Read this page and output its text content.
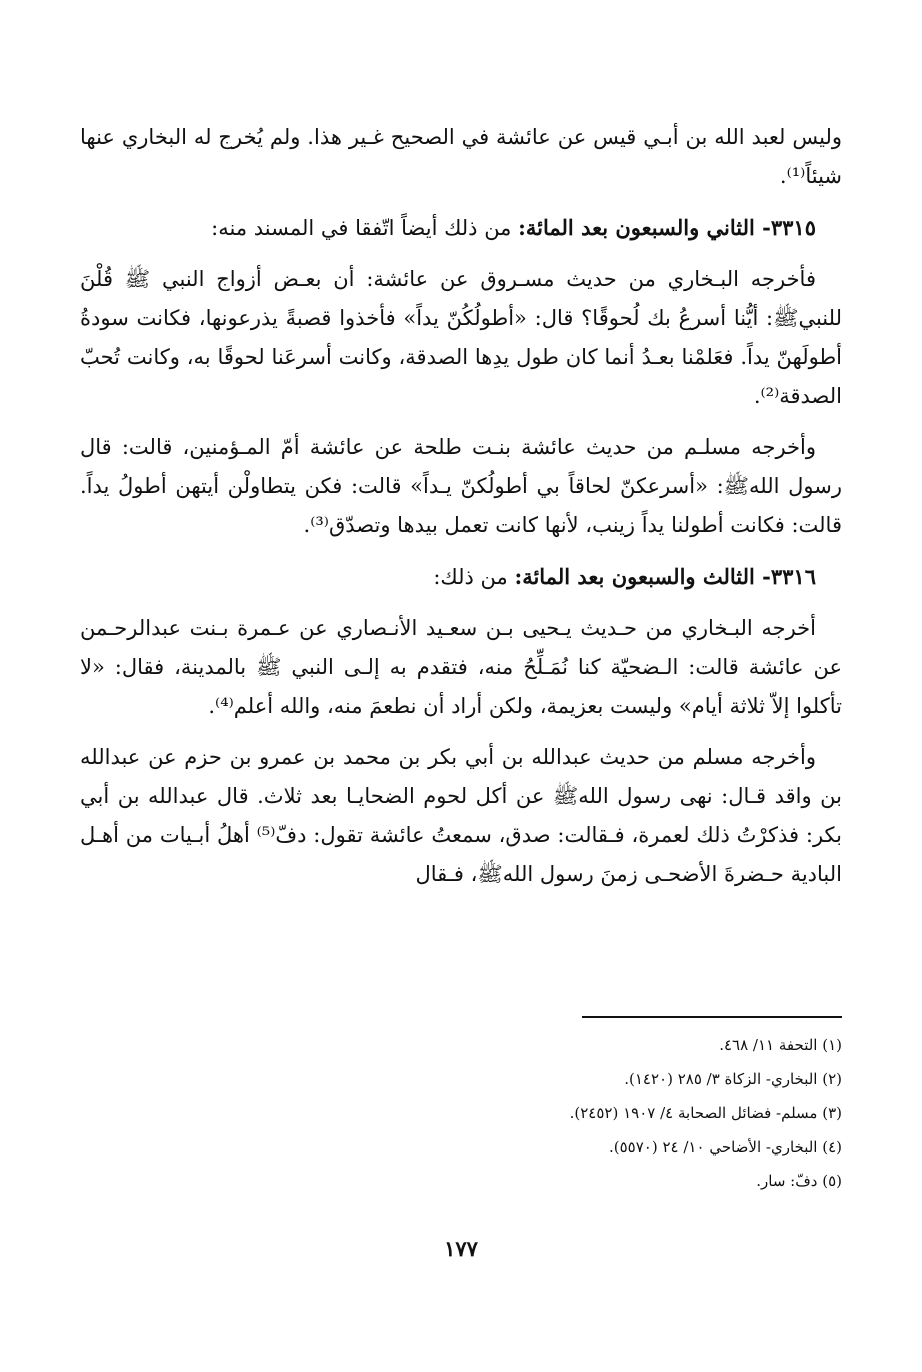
وليس لعبد الله بن أبـي قيس عن عائشة في الصحيح غـير هذا. ولم يُخرج له البخاري عنها شيئاً⁽¹⁾.

٣٣١٥- الثاني والسبعون بعد المائة: من ذلك أيضاً اتّفقا في المسند منه:

فأخرجه البـخاري من حديث مسـروق عن عائشة: أن بعـض أزواج النبي ﷺ قُلْنَ للنبيﷺ: أيُّنا أسرعُ بك لُحوقًا؟ قال: «أطولُكُنّ يداً» فأخذوا قصبةً يذرعونها، فكانت سودةُ أطولَهنّ يداً. فعَلمْنا بعـدُ أنما كان طول يدِها الصدقة، وكانت أسرعَنا لحوقًا به، وكانت تُحبّ الصدقة⁽²⁾.

وأخرجه مسلـم من حديث عائشة بنـت طلحة عن عائشة أمّ المـؤمنين، قالت: قال رسول اللهﷺ: «أسرعكنّ لحاقاً بي أطولُكنّ يـداً» قالت: فكن يتطاولْن أيتهن أطولُ يداً. قالت: فكانت أطولنا يداً زينب، لأنها كانت تعمل بيدها وتصدّق⁽³⁾.

٣٣١٦- الثالث والسبعون بعد المائة: من ذلك:

أخرجه البـخاري من حـديث يـحيى بـن سعـيد الأنـصاري عن عـمرة بـنت عبدالرحـمن عن عائشة قالت: الـضحيّة كنا نُمَـلِّحُ منه، فتقدم به إلـى النبي ﷺ بالمدينة، فقال: «لا تأكلوا إلاّ ثلاثة أيام» وليست بعزيمة، ولكن أراد أن نطعمَ منه، والله أعلم⁽⁴⁾.

وأخرجه مسلم من حديث عبدالله بن أبي بكر بن محمد بن عمرو بن حزم عن عبدالله بن واقد قـال: نهى رسول اللهﷺ عن أكل لحوم الضحايـا بعد ثلاث. قال عبدالله بن أبي بكر: فذكرْتُ ذلك لعمرة، فـقالت: صدق، سمعتُ عائشة تقول: دفّ⁽⁵⁾ أهلُ أبـيات من أهـل البادية حـضرةَ الأضحـى زمنَ رسول اللهﷺ، فـقال

(١) التحفة ١١/ ٤٦٨.
(٢) البخاري- الزكاة ٣/ ٢٨٥ (١٤٢٠).
(٣) مسلم- فضائل الصحابة ٤/ ١٩٠٧ (٢٤٥٢).
(٤) البخاري- الأضاحي ١٠/ ٢٤ (٥٥٧٠).
(٥) دفّ: سار.
١٧٧
